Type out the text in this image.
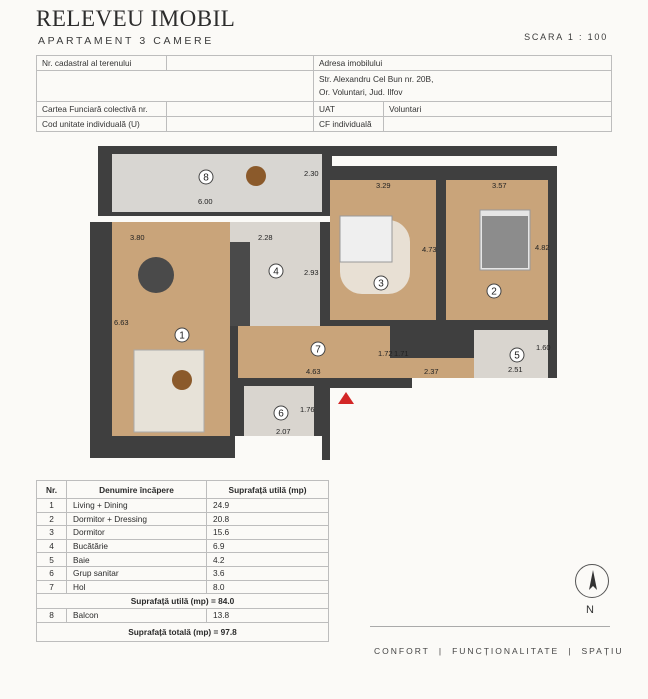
RELEVEU IMOBIL
APARTAMENT 3 CAMERE	SCARA 1 : 100
Nr. cadastral al terenului		Adresa imobilului	

		Str. Alexandru Cel Bun nr. 20B,
Or. Voluntari, Jud. Ilfov	

Cartea Funciară colectivă nr.		UAT	Voluntari
Cod unitate individuală (U)		CF individuală	
8
1
4
3
2
7
5
6
6.00
2.30
3.80
6.63
2.28
2.93
3.29
4.73
3.57
4.82
4.63
1.72 1.71
2.37	2.51
1.60
2.07
1.76
Nr.	Denumire încăpere	Suprafață utilă (mp)
1	Living + Dining	24.9
2	Dormitor + Dressing	20.8
3	Dormitor	15.6
4	Bucătărie	6.9
5	Baie	4.2
6	Grup sanitar	3.6
7	Hol	8.0
Suprafață utilă (mp) = 84.0		
8	Balcon	13.8
Suprafață totală (mp) = 97.8		
N
CONFORT | FUNCȚIONALITATE | SPAȚIU
